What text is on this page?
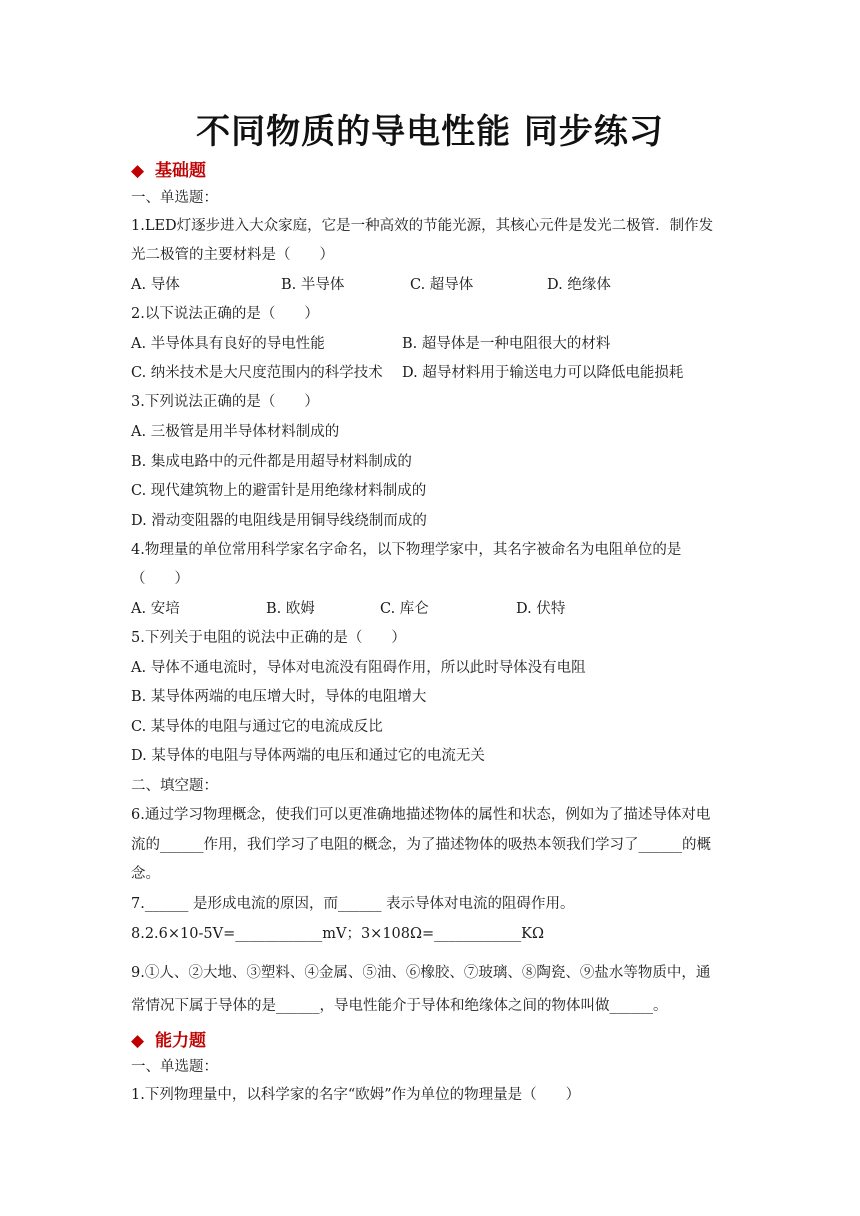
不同物质的导电性能 同步练习
◆ 基础题
一、单选题：
1.LED灯逐步进入大众家庭，它是一种高效的节能光源，其核心元件是发光二极管．制作发
光二极管的主要材料是（　　）
A. 导体	B. 半导体	C. 超导体	D. 绝缘体
2.以下说法正确的是（　　）
A. 半导体具有良好的导电性能	B. 超导体是一种电阻很大的材料
C. 纳米技术是大尺度范围内的科学技术 D. 超导材料用于输送电力可以降低电能损耗
3.下列说法正确的是（　　）
A. 三极管是用半导体材料制成的
B. 集成电路中的元件都是用超导材料制成的
C. 现代建筑物上的避雷针是用绝缘材料制成的
D. 滑动变阻器的电阻线是用铜导线绕制而成的
4.物理量的单位常用科学家名字命名，以下物理学家中，其名字被命名为电阻单位的是
（　　）
A. 安培	B. 欧姆	C. 库仑	D. 伏特
5.下列关于电阻的说法中正确的是（　　）
A. 导体不通电流时，导体对电流没有阻碍作用，所以此时导体没有电阻
B. 某导体两端的电压增大时，导体的电阻增大
C. 某导体的电阻与通过它的电流成反比
D. 某导体的电阻与导体两端的电压和通过它的电流无关
二、填空题：
6.通过学习物理概念，使我们可以更准确地描述物体的属性和状态，例如为了描述导体对电
流的______作用，我们学习了电阻的概念，为了描述物体的吸热本领我们学习了______的概
念。
7.______ 是形成电流的原因，而______ 表示导体对电流的阻碍作用。
8.2.6×10-5V=____________mV；3×108Ω=____________KΩ
9.①人、②大地、③塑料、④金属、⑤油、⑥橡胶、⑦玻璃、⑧陶瓷、⑨盐水等物质中，通
常情况下属于导体的是______，导电性能介于导体和绝缘体之间的物体叫做______。
◆ 能力题
一、单选题：
1.下列物理量中，以科学家的名字“欧姆”作为单位的物理量是（　　）
